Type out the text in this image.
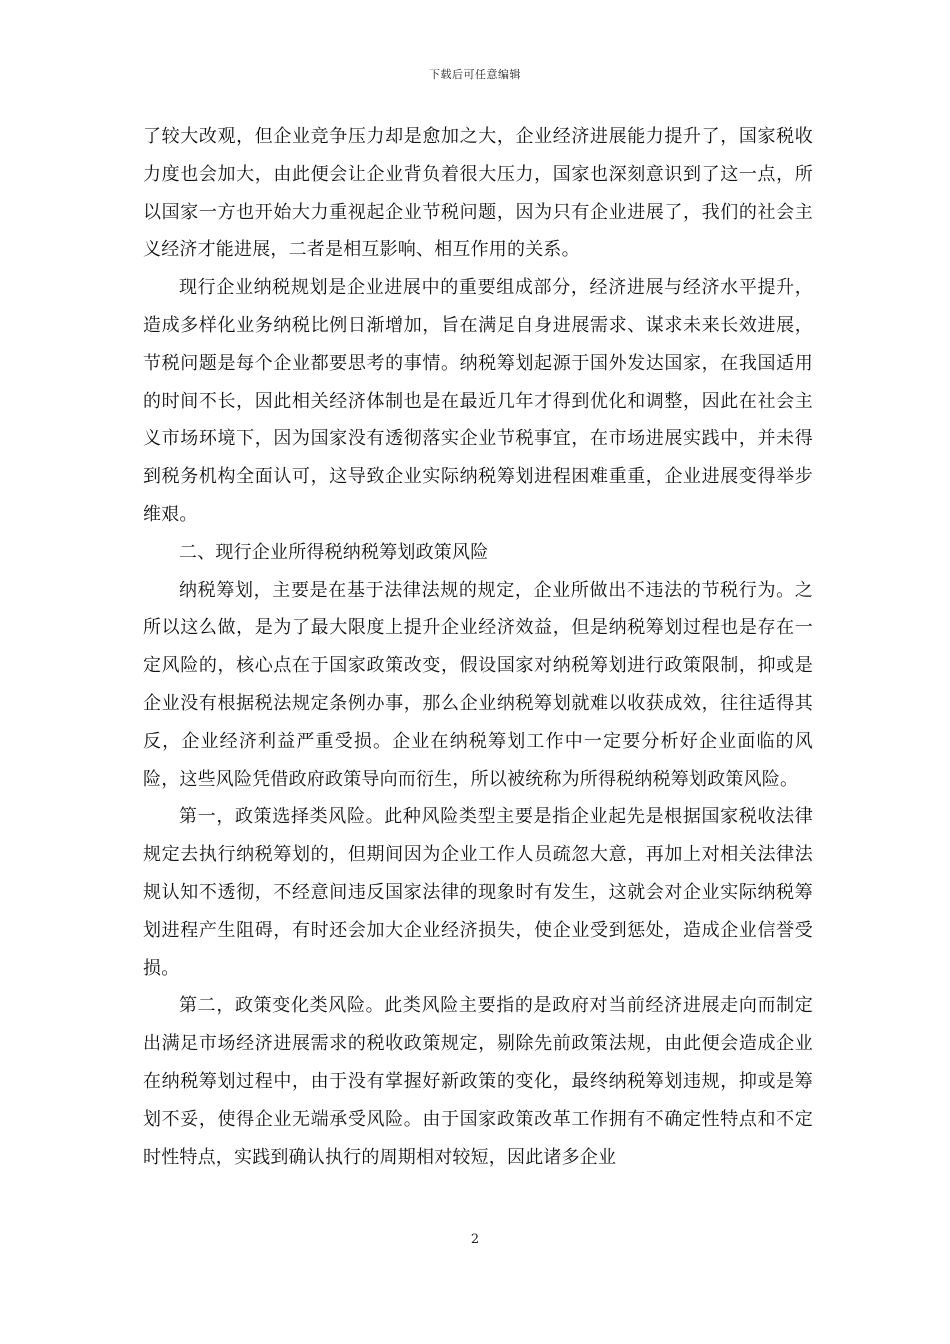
下载后可任意编辑

了较大改观，但企业竞争压力却是愈加之大，企业经济进展能力提升了，国家税收力度也会加大，由此便会让企业背负着很大压力，国家也深刻意识到了这一点，所以国家一方也开始大力重视起企业节税问题，因为只有企业进展了，我们的社会主义经济才能进展，二者是相互影响、相互作用的关系。

现行企业纳税规划是企业进展中的重要组成部分，经济进展与经济水平提升，造成多样化业务纳税比例日渐增加，旨在满足自身进展需求、谋求未来长效进展，节税问题是每个企业都要思考的事情。纳税筹划起源于国外发达国家，在我国适用的时间不长，因此相关经济体制也是在最近几年才得到优化和调整，因此在社会主义市场环境下，因为国家没有透彻落实企业节税事宜，在市场进展实践中，并未得到税务机构全面认可，这导致企业实际纳税筹划进程困难重重，企业进展变得举步维艰。

二、现行企业所得税纳税筹划政策风险

纳税筹划，主要是在基于法律法规的规定，企业所做出不违法的节税行为。之所以这么做，是为了最大限度上提升企业经济效益，但是纳税筹划过程也是存在一定风险的，核心点在于国家政策改变，假设国家对纳税筹划进行政策限制，抑或是企业没有根据税法规定条例办事，那么企业纳税筹划就难以收获成效，往往适得其反，企业经济利益严重受损。企业在纳税筹划工作中一定要分析好企业面临的风险，这些风险凭借政府政策导向而衍生，所以被统称为所得税纳税筹划政策风险。

第一，政策选择类风险。此种风险类型主要是指企业起先是根据国家税收法律规定去执行纳税筹划的，但期间因为企业工作人员疏忽大意，再加上对相关法律法规认知不透彻，不经意间违反国家法律的现象时有发生，这就会对企业实际纳税筹划进程产生阻碍，有时还会加大企业经济损失，使企业受到惩处，造成企业信誉受损。

第二，政策变化类风险。此类风险主要指的是政府对当前经济进展走向而制定出满足市场经济进展需求的税收政策规定，剔除先前政策法规，由此便会造成企业在纳税筹划过程中，由于没有掌握好新政策的变化，最终纳税筹划违规，抑或是筹划不妥，使得企业无端承受风险。由于国家政策改革工作拥有不确定性特点和不定时性特点，实践到确认执行的周期相对较短，因此诸多企业

2
